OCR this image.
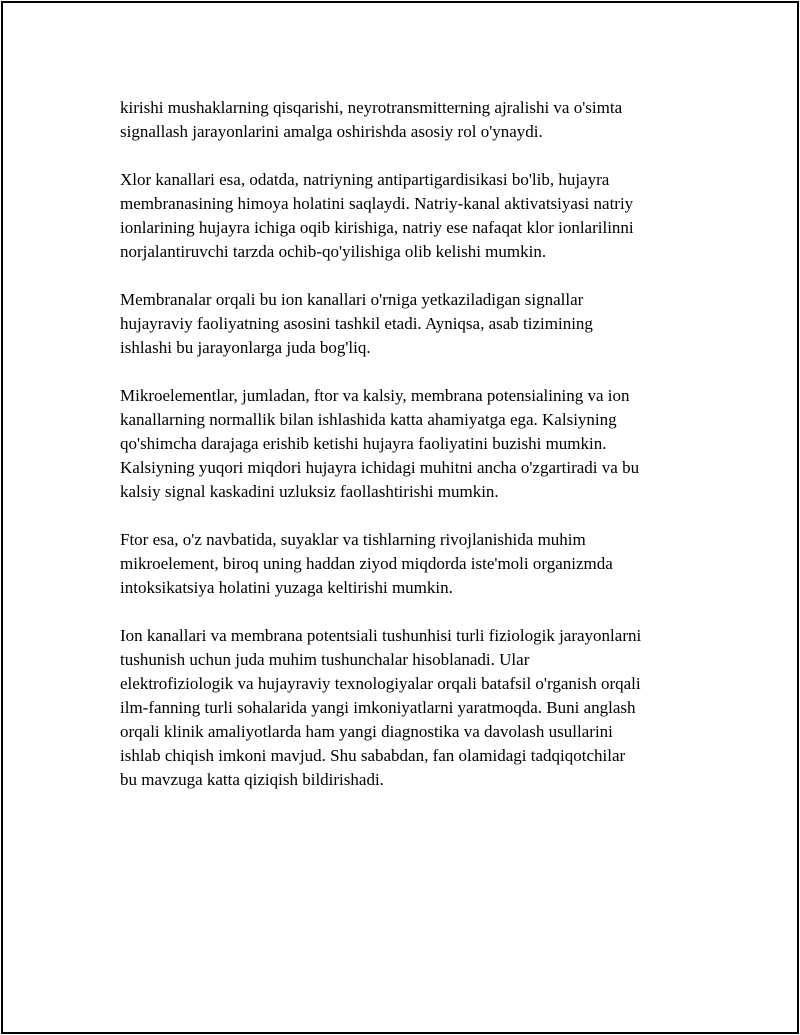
kirishi mushaklarning qisqarishi, neyrotransmitterning ajralishi va o'simta
signallash jarayonlarini amalga oshirishda asosiy rol o'ynaydi.

Xlor kanallari esa, odatda, natriyning antipartigardisikasi bo'lib, hujayra
membranasining himoya holatini saqlaydi. Natriy-kanal aktivatsiyasi natriy
ionlarining hujayra ichiga oqib kirishiga, natriy ese nafaqat klor ionlarilinni
norjalantiruvchi tarzda ochib-qo'yilishiga olib kelishi mumkin.

Membranalar orqali bu ion kanallari o'rniga yetkaziladigan signallar
hujayraviy faoliyatning asosini tashkil etadi. Ayniqsa, asab tizimining
ishlashi bu jarayonlarga juda bog'liq.

Mikroelementlar, jumladan, ftor va kalsiy, membrana potensialining va ion
kanallarning normallik bilan ishlashida katta ahamiyatga ega. Kalsiyning
qo'shimcha darajaga erishib ketishi hujayra faoliyatini buzishi mumkin.
Kalsiyning yuqori miqdori hujayra ichidagi muhitni ancha o'zgartiradi va bu
kalsiy signal kaskadini uzluksiz faollashtirishi mumkin.

Ftor esa, o'z navbatida, suyaklar va tishlarning rivojlanishida muhim
mikroelement, biroq uning haddan ziyod miqdorda iste'moli organizmda
intoksikatsiya holatini yuzaga keltirishi mumkin.

Ion kanallari va membrana potentsiali tushunhisi turli fiziologik jarayonlarni
tushunish uchun juda muhim tushunchalar hisoblanadi. Ular
elektrofiziologik va hujayraviy texnologiyalar orqali batafsil o'rganish orqali
ilm-fanning turli sohalarida yangi imkoniyatlarni yaratmoqda. Buni anglash
orqali klinik amaliyotlarda ham yangi diagnostika va davolash usullarini
ishlab chiqish imkoni mavjud. Shu sababdan, fan olamidagi tadqiqotchilar
bu mavzuga katta qiziqish bildirishadi.
